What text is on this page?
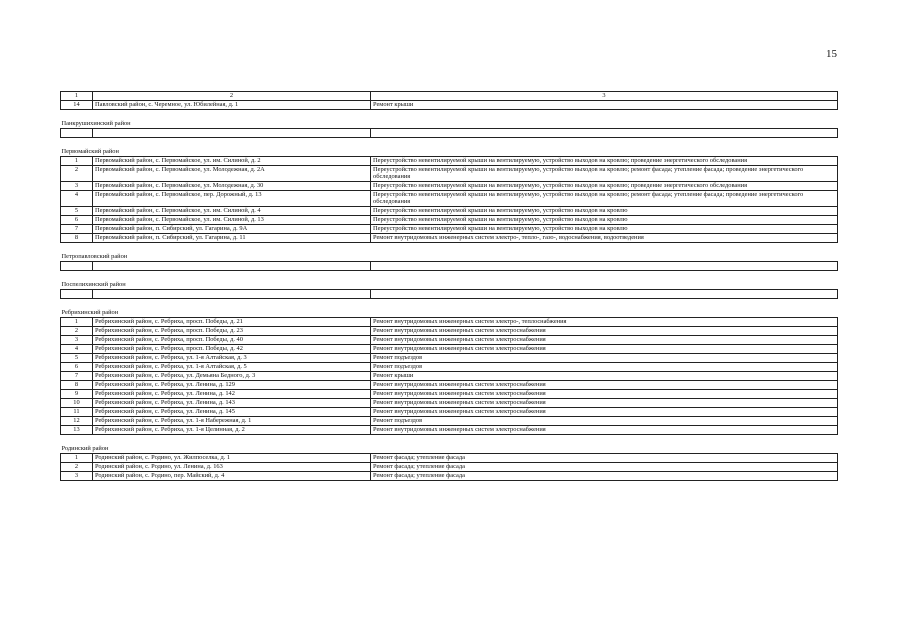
15
1	2	3
14	Павловский район, с. Черемное, ул. Юбилейная, д. 1	Ремонт крыши
Панкрушихинский район		

Первомайский район		
1	Первомайский район, с. Первомайское, ул. им. Силиной, д. 2	Переустройство невентилируемой крыши на вентилируемую, устройство выходов на кровлю; проведение энергетического обследования
2	Первомайский район, с. Первомайское, ул. Молодежная, д. 2А	Переустройство невентилируемой крыши на вентилируемую, устройство выходов на кровлю; ремонт фасада; утепление фасада; проведение энергетического обследования
3	Первомайский район, с. Первомайское, ул. Молодежная, д. 30	Переустройство невентилируемой крыши на вентилируемую, устройство выходов на кровлю; проведение энергетического обследования
4	Первомайский район, с. Первомайское, пер. Дорожный, д. 13	Переустройство невентилируемой крыши на вентилируемую, устройство выходов на кровлю; ремонт фасада; утепление фасада; проведение энергетического обследования
5	Первомайский район, с. Первомайское, ул. им. Силиной, д. 4	Переустройство невентилируемой крыши на вентилируемую, устройство выходов на кровлю
6	Первомайский район, с. Первомайское, ул. им. Силиной, д. 13	Переустройство невентилируемой крыши на вентилируемую, устройство выходов на кровлю
7	Первомайский район, п. Сибирский, ул. Гагарина, д. 9А	Переустройство невентилируемой крыши на вентилируемую, устройство выходов на кровлю
8	Первомайский район, п. Сибирский, ул. Гагарина, д. 11	Ремонт внутридомовых инженерных систем электро-, тепло-, газо-, водоснабжения, водоотведения
Петропавловский район		

Поспелихинский район		

Ребрихинский район		
1	Ребрихинский район, с. Ребриха, просп. Победы, д. 21	Ремонт внутридомовых инженерных систем электро-, теплоснабжения
2	Ребрихинский район, с. Ребриха, просп. Победы, д. 23	Ремонт внутридомовых инженерных систем электроснабжения
3	Ребрихинский район, с. Ребриха, просп. Победы, д. 40	Ремонт внутридомовых инженерных систем электроснабжения
4	Ребрихинский район, с. Ребриха, просп. Победы, д. 42	Ремонт внутридомовых инженерных систем электроснабжения
5	Ребрихинский район, с. Ребриха, ул. 1-я Алтайская, д. 3	Ремонт подъездов
6	Ребрихинский район, с. Ребриха, ул. 1-я Алтайская, д. 5	Ремонт подъездов
7	Ребрихинский район, с. Ребриха, ул. Демьяна Бедного, д. 3	Ремонт крыши
8	Ребрихинский район, с. Ребриха, ул. Ленина, д. 129	Ремонт внутридомовых инженерных систем электроснабжения
9	Ребрихинский район, с. Ребриха, ул. Ленина, д. 142	Ремонт внутридомовых инженерных систем электроснабжения
10	Ребрихинский район, с. Ребриха, ул. Ленина, д. 143	Ремонт внутридомовых инженерных систем электроснабжения
11	Ребрихинский район, с. Ребриха, ул. Ленина, д. 145	Ремонт внутридомовых инженерных систем электроснабжения
12	Ребрихинский район, с. Ребриха, ул. 1-я Набережная, д. 1	Ремонт подъездов
13	Ребрихинский район, с. Ребриха, ул. 1-я Целинная, д. 2	Ремонт внутридомовых инженерных систем электроснабжения
Родинский район		
1	Родинский район, с. Родино, ул. Жилпоселка, д. 1	Ремонт фасада; утепление фасада
2	Родинский район, с. Родино, ул. Ленина, д. 163	Ремонт фасада; утепление фасада
3	Родинский район, с. Родино, пер. Майский, д. 4	Ремонт фасада; утепление фасада
